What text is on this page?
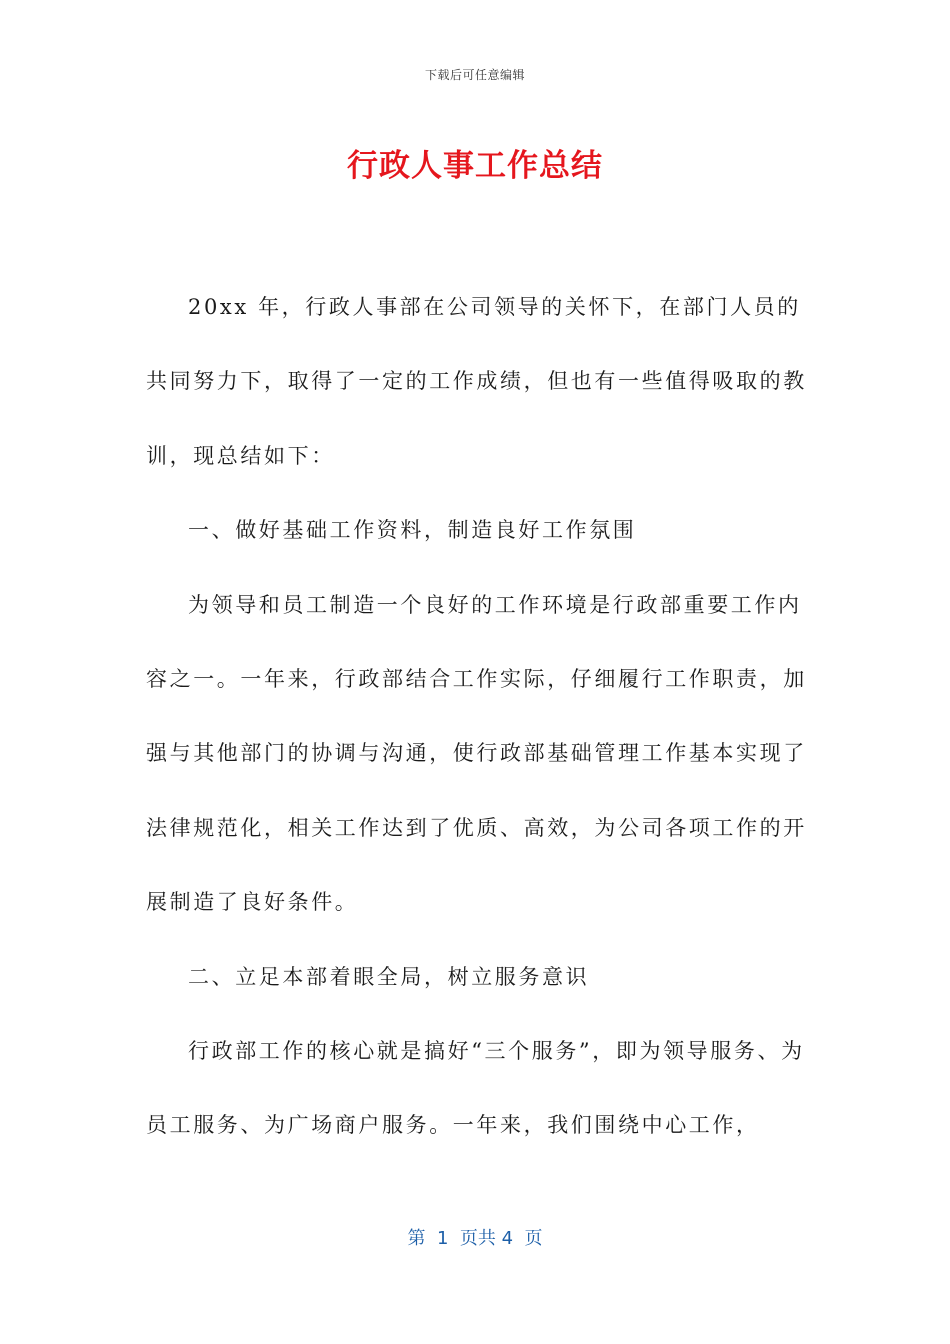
下载后可任意编辑
行政人事工作总结

20xx 年，行政人事部在公司领导的关怀下，在部门人员的共同努力下，取得了一定的工作成绩，但也有一些值得吸取的教训，现总结如下：

一、做好基础工作资料，制造良好工作氛围

为领导和员工制造一个良好的工作环境是行政部重要工作内容之一。一年来，行政部结合工作实际，仔细履行工作职责，加强与其他部门的协调与沟通，使行政部基础管理工作基本实现了法律规范化，相关工作达到了优质、高效，为公司各项工作的开展制造了良好条件。

二、立足本部着眼全局，树立服务意识

行政部工作的核心就是搞好“三个服务”，即为领导服务、为员工服务、为广场商户服务。一年来，我们围绕中心工作，

第  1  页共 4  页
